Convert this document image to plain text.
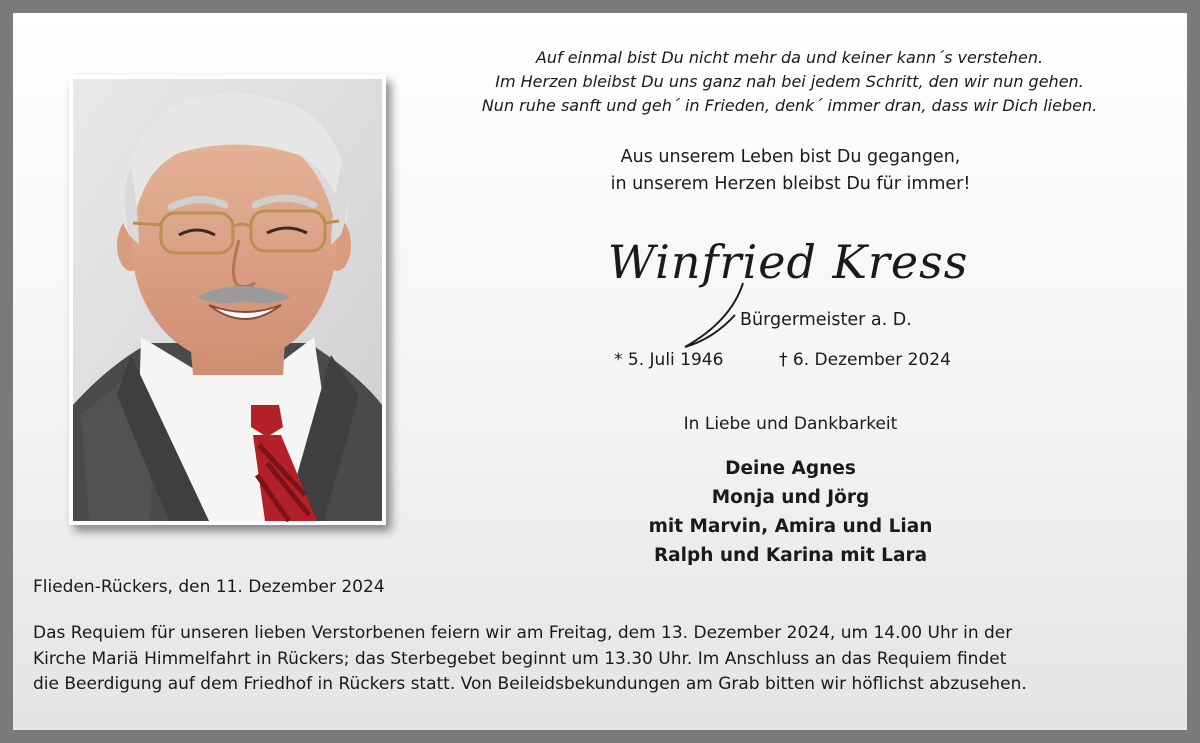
Auf einmal bist Du nicht mehr da und keiner kann´s verstehen.
Im Herzen bleibst Du uns ganz nah bei jedem Schritt, den wir nun gehen.
Nun ruhe sanft und geh´ in Frieden, denk´ immer dran, dass wir Dich lieben.
Aus unserem Leben bist Du gegangen,
in unserem Herzen bleibst Du für immer!
Winfried Kress
Bürgermeister a. D.
* 5. Juli 1946	† 6. Dezember 2024
In Liebe und Dankbarkeit
Deine Agnes
Monja und Jörg
mit Marvin, Amira und Lian
Ralph und Karina mit Lara
Flieden-Rückers, den 11. Dezember 2024
Das Requiem für unseren lieben Verstorbenen feiern wir am Freitag, dem 13. Dezember 2024, um 14.00 Uhr in der
Kirche Mariä Himmelfahrt in Rückers; das Sterbegebet beginnt um 13.30 Uhr. Im Anschluss an das Requiem findet
die Beerdigung auf dem Friedhof in Rückers statt. Von Beileidsbekundungen am Grab bitten wir höflichst abzusehen.
